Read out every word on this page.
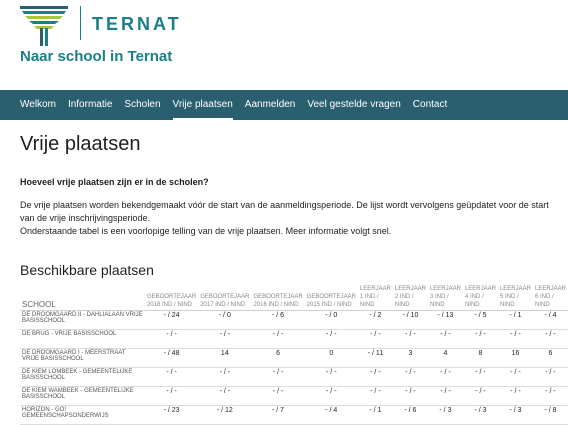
TERNAT
Naar school in Ternat
Welkom	Informatie	Scholen	Vrije plaatsen	Aanmelden	Veel gestelde vragen	Contact
Vrije plaatsen
Hoeveel vrije plaatsen zijn er in de scholen?
De vrije plaatsen worden bekendgemaakt vóór de start van de aanmeldingsperiode. De lijst wordt vervolgens geüpdatet voor de start van de vrije inschrijvingsperiode.
Onderstaande tabel is een voorlopige telling van de vrije plaatsen. Meer informatie volgt snel.
Beschikbare plaatsen
SCHOOL	GEBOORTEJAAR 2018 IND / NIND	GEBOORTEJAAR 2017 IND / NIND	GEBOORTEJAAR 2016 IND / NIND	GEBOORTEJAAR 2015 IND / NIND	LEERJAAR 1 IND / NIND	LEERJAAR 2 IND / NIND	LEERJAAR 3 IND / NIND	LEERJAAR 4 IND / NIND	LEERJAAR 5 IND / NIND	LEERJAAR 6 IND / NIND
DE DROOMGAARD II - DAHLIALAAN VRIJE BASISSCHOOL	- / 24	- / 0	- / 6	- / 0	- / 2	- / 10	- / 13	- / 5	- / 1	- / 4
DE BRUG - VRIJE BASISSCHOOL	- / -	- / -	- / -	- / -	- / -	- / -	- / -	- / -	- / -	- / -
DE DROOMGAARD I - MEERSTRAAT VRIJE BASISSCHOOL	- / 48	14	6	0	- / 11	3	4	8	16	6
DE KIEM LOMBEEK - GEMEENTELIJKE BASISSCHOOL	- / -	- / -	- / -	- / -	- / -	- / -	- / -	- / -	- / -	- / -
DE KIEM WAMBEEK - GEMEENTELIJKE BASISSCHOOL	- / -	- / -	- / -	- / -	- / -	- / -	- / -	- / -	- / -	- / -
HORIZON - GO! GEMEENSCHAPSONDERWIJS	- / 23	- / 12	- / 7	- / 4	- / 1	- / 6	- / 3	- / 3	- / 3	- / 8
